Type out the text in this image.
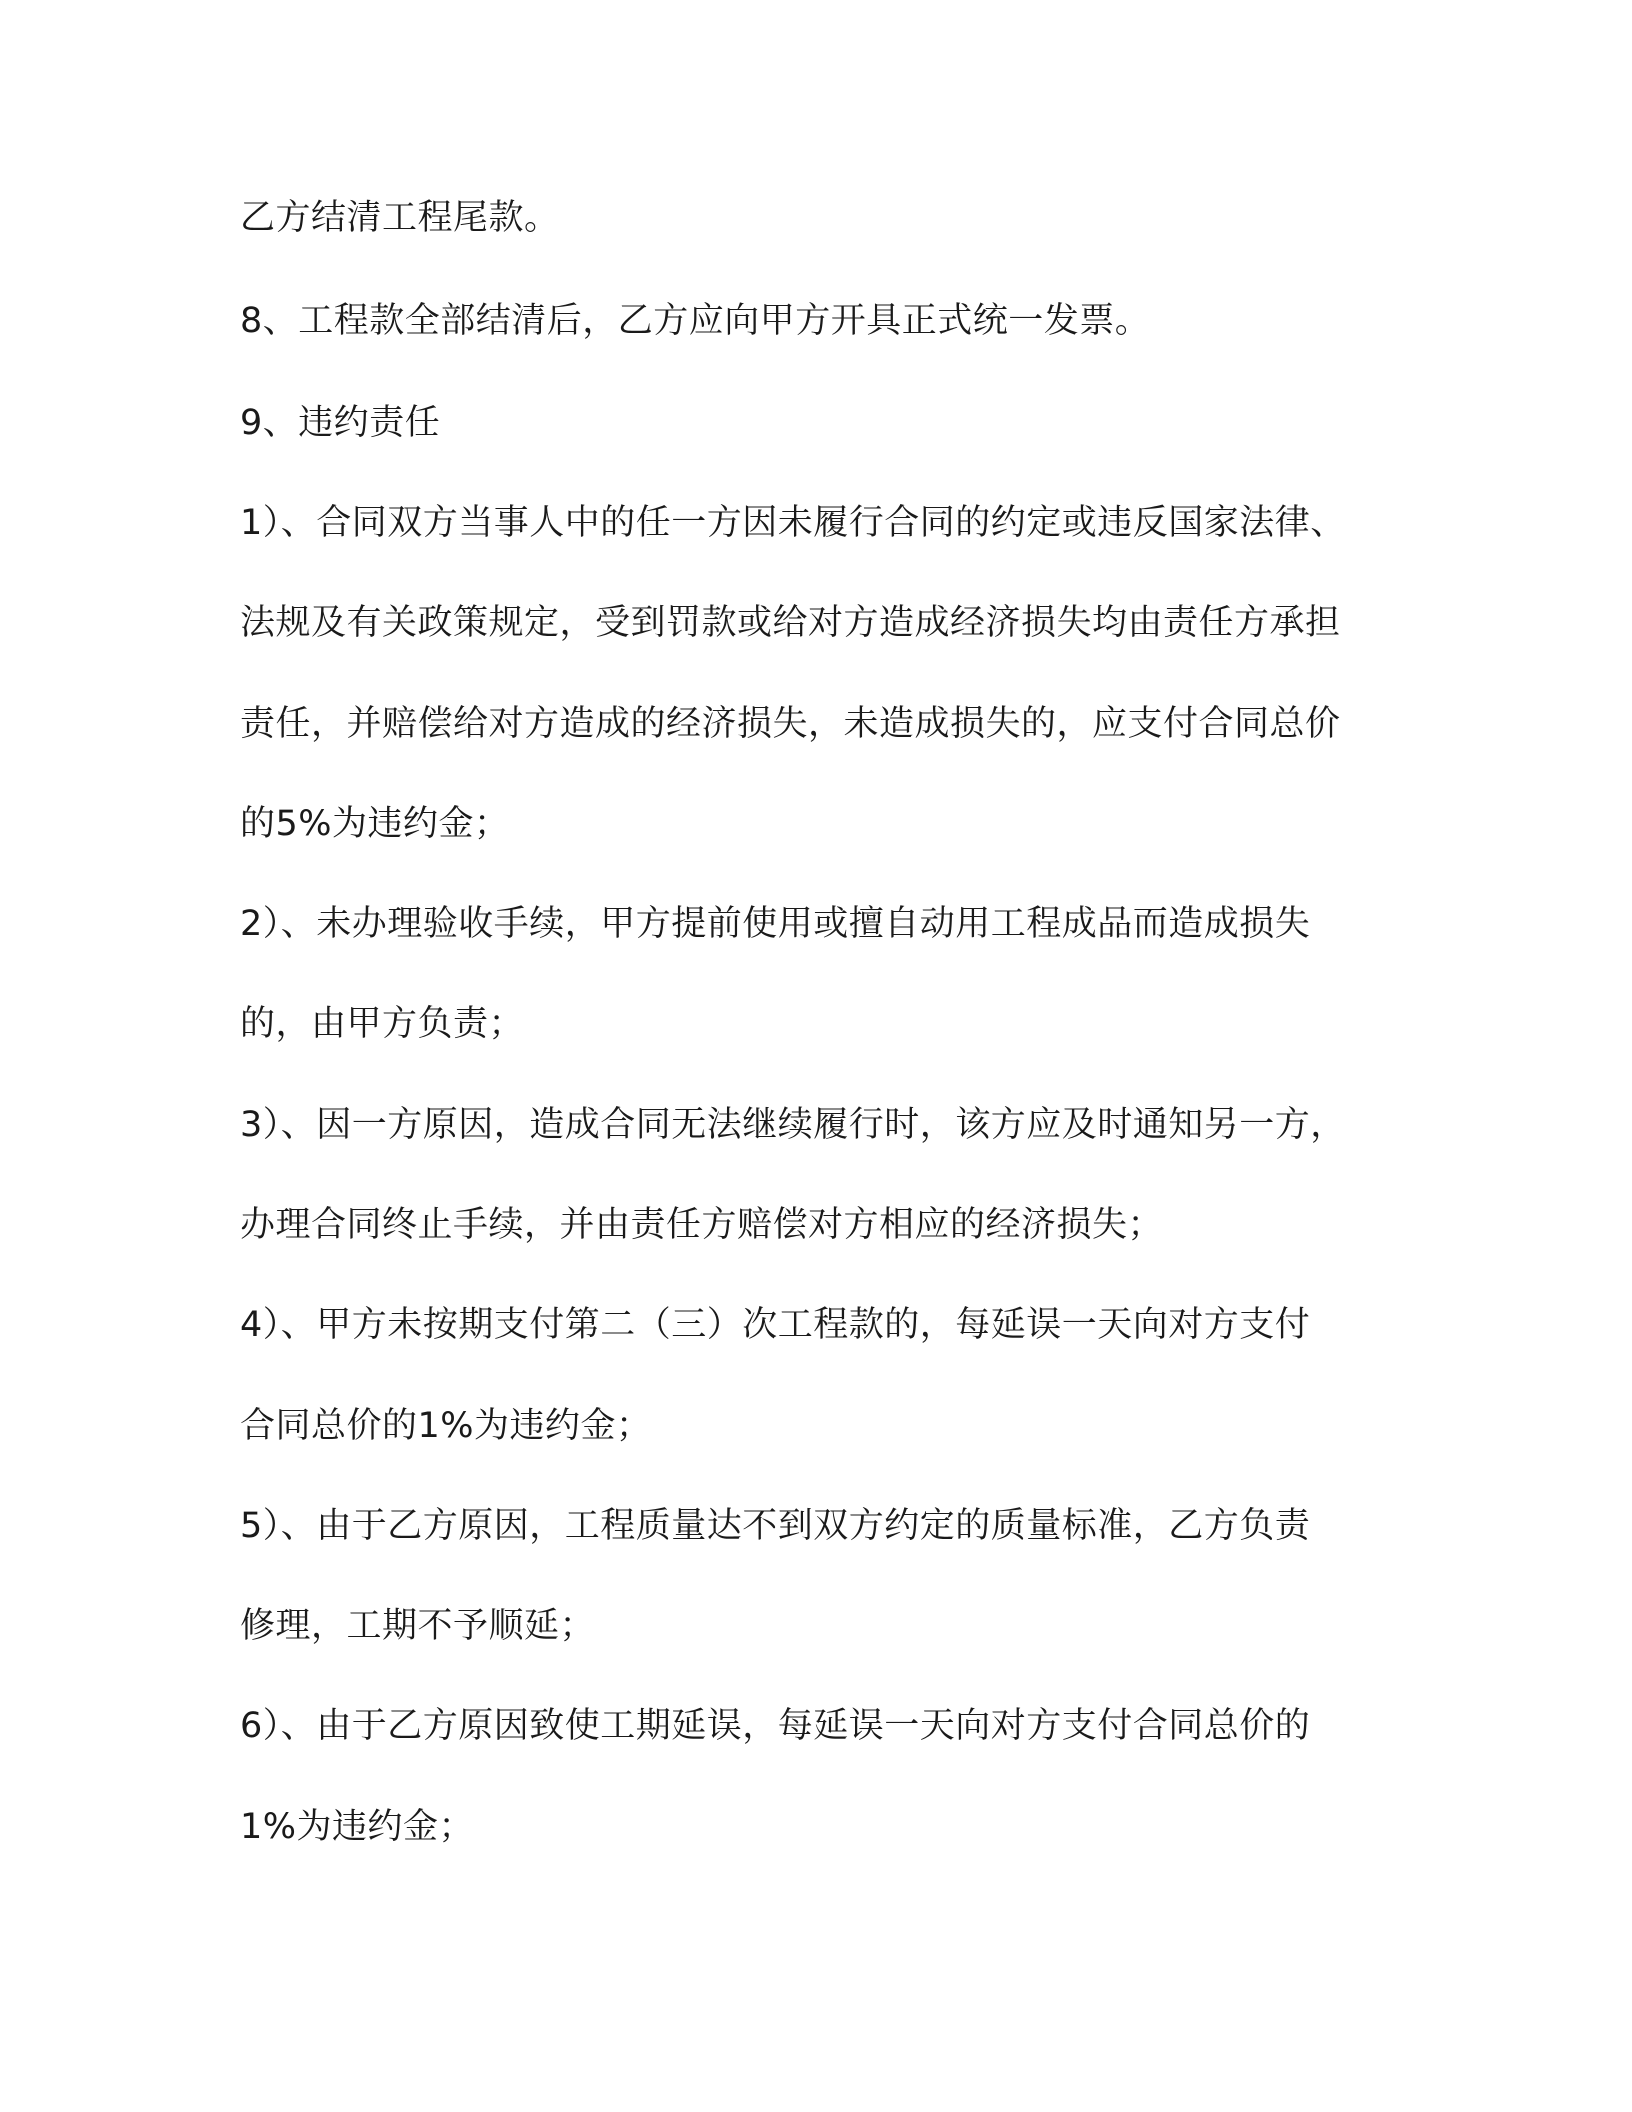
乙方结清工程尾款。
8、工程款全部结清后，乙方应向甲方开具正式统一发票。
9、违约责任
1）、合同双方当事人中的任一方因未履行合同的约定或违反国家法律、
法规及有关政策规定，受到罚款或给对方造成经济损失均由责任方承担
责任，并赔偿给对方造成的经济损失，未造成损失的，应支付合同总价
的5%为违约金；
2）、未办理验收手续，甲方提前使用或擅自动用工程成品而造成损失
的，由甲方负责；
3）、因一方原因，造成合同无法继续履行时，该方应及时通知另一方，
办理合同终止手续，并由责任方赔偿对方相应的经济损失；
4）、甲方未按期支付第二（三）次工程款的，每延误一天向对方支付
合同总价的1%为违约金；
5）、由于乙方原因，工程质量达不到双方约定的质量标准，乙方负责
修理，工期不予顺延；
6）、由于乙方原因致使工期延误，每延误一天向对方支付合同总价的
1%为违约金；
